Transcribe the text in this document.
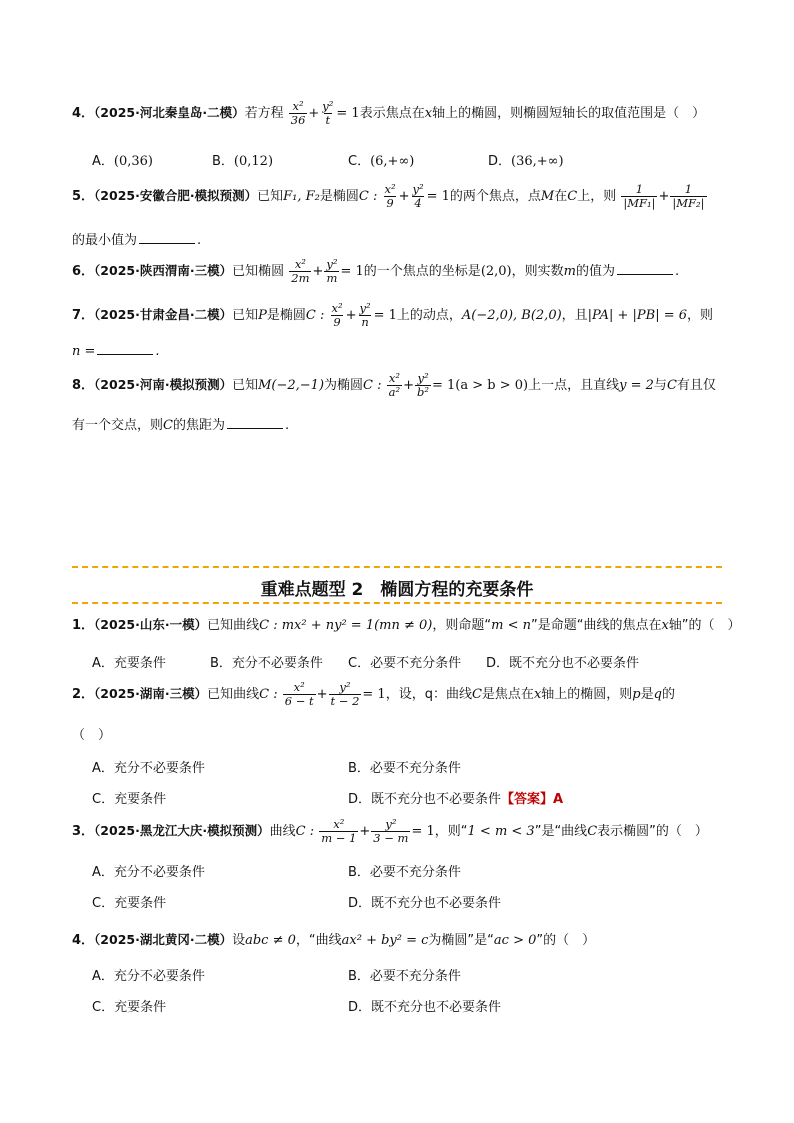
4．（2025·河北秦皇岛·二模）若方程 $\frac{\text{x²}}{36} + \frac{\text{y²}}{t} = 1$表示焦点在x轴上的椭圆，则椭圆短轴长的取值范围是（　）
A．(0,36)	B．(0,12)	C．(6,+∞)	D．(36,+∞)
5．（2025·安徽合肥·模拟预测）已知F₁, F₂是椭圆C : $\frac{\text{x²}}{9} + \frac{\text{y²}}{4} = 1$的两个焦点，点M在C上，则 $\frac{1}{\text{|MF₁|}} + \frac{1}{\text{|MF₂|}}$
的最小值为	.
6．（2025·陕西渭南·三模）已知椭圆 $\frac{\text{x²}}{2m} + \frac{\text{y²}}{m} = 1$的一个焦点的坐标是(2,0)，则实数m的值为	.
7．（2025·甘肃金昌·二模）已知P是椭圆C : $\frac{\text{x²}}{9} + \frac{\text{y²}}{n} = 1$上的动点，A(−2,0), B(2,0)，且|PA| + |PB| = 6，则
n =	.
8．（2025·河南·模拟预测）已知M(−2,−1)为椭圆C : $\frac{\text{x²}}{\text{a²}} + \frac{\text{y²}}{\text{b²}} = 1(a > b > 0)$上一点，且直线y = 2与C有且仅
有一个交点，则C的焦距为	.
重难点题型 2　椭圆方程的充要条件
1．（2025·山东·一模）已知曲线C : mx² + ny² = 1(mn ≠ 0)，则命题“m < n”是命题“曲线的焦点在x轴”的（　）
A．充要条件	B．充分不必要条件 C．必要不充分条件 D．既不充分也不必要条件
2．（2025·湖南·三模）已知曲线C : $\frac{\text{x²}}{6 - t} + \frac{\text{y²}}{t - 2} = 1$，设，q：曲线C是焦点在x轴上的椭圆，则p是q的
（　）
A．充分不必要条件	B．必要不充分条件
C．充要条件	D．既不充分也不必要条件【答案】A
3．（2025·黑龙江大庆·模拟预测）曲线C : $\frac{\text{x²}}{m - 1} + \frac{\text{y²}}{3 - m} = 1$，则“1 < m < 3”是“曲线C表示椭圆”的（　）
A．充分不必要条件	B．必要不充分条件
C．充要条件	D．既不充分也不必要条件
4．（2025·湖北黄冈·二模）设abc ≠ 0，“曲线ax² + by² = c为椭圆”是“ac > 0”的（　）
A．充分不必要条件	B．必要不充分条件
C．充要条件	D．既不充分也不必要条件
